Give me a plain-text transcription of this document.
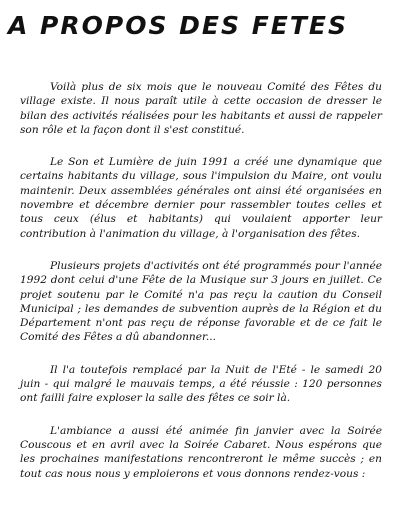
A PROPOS DES FETES

Voilà plus de six mois que le nouveau Comité des Fêtes du village existe. Il nous paraît utile à cette occasion de dresser le bilan des activités réalisées pour les habitants et aussi de rappeler son rôle et la façon dont il s'est constitué.

Le Son et Lumière de juin 1991 a créé une dynamique que certains habitants du village, sous l'impulsion du Maire, ont voulu maintenir. Deux assemblées générales ont ainsi été organisées en novembre et décembre dernier pour rassembler toutes celles et tous ceux (élus et habitants) qui voulaient apporter leur contribution à l'animation du village, à l'organisation des fêtes.

Plusieurs projets d'activités ont été programmés pour l'année 1992 dont celui d'une Fête de la Musique sur 3 jours en juillet. Ce projet soutenu par le Comité n'a pas reçu la caution du Conseil Municipal ; les demandes de subvention auprès de la Région et du Département n'ont pas reçu de réponse favorable et de ce fait le Comité des Fêtes a dû abandonner...

Il l'a toutefois remplacé par la Nuit de l'Eté - le samedi 20 juin - qui malgré le mauvais temps, a été réussie : 120 personnes ont failli faire exploser la salle des fêtes ce soir là.

L'ambiance a aussi été animée fin janvier avec la Soirée Couscous et en avril avec la Soirée Cabaret. Nous espérons que les prochaines manifestations rencontreront le même succès ; en tout cas nous nous y emploierons et vous donnons rendez-vous :
